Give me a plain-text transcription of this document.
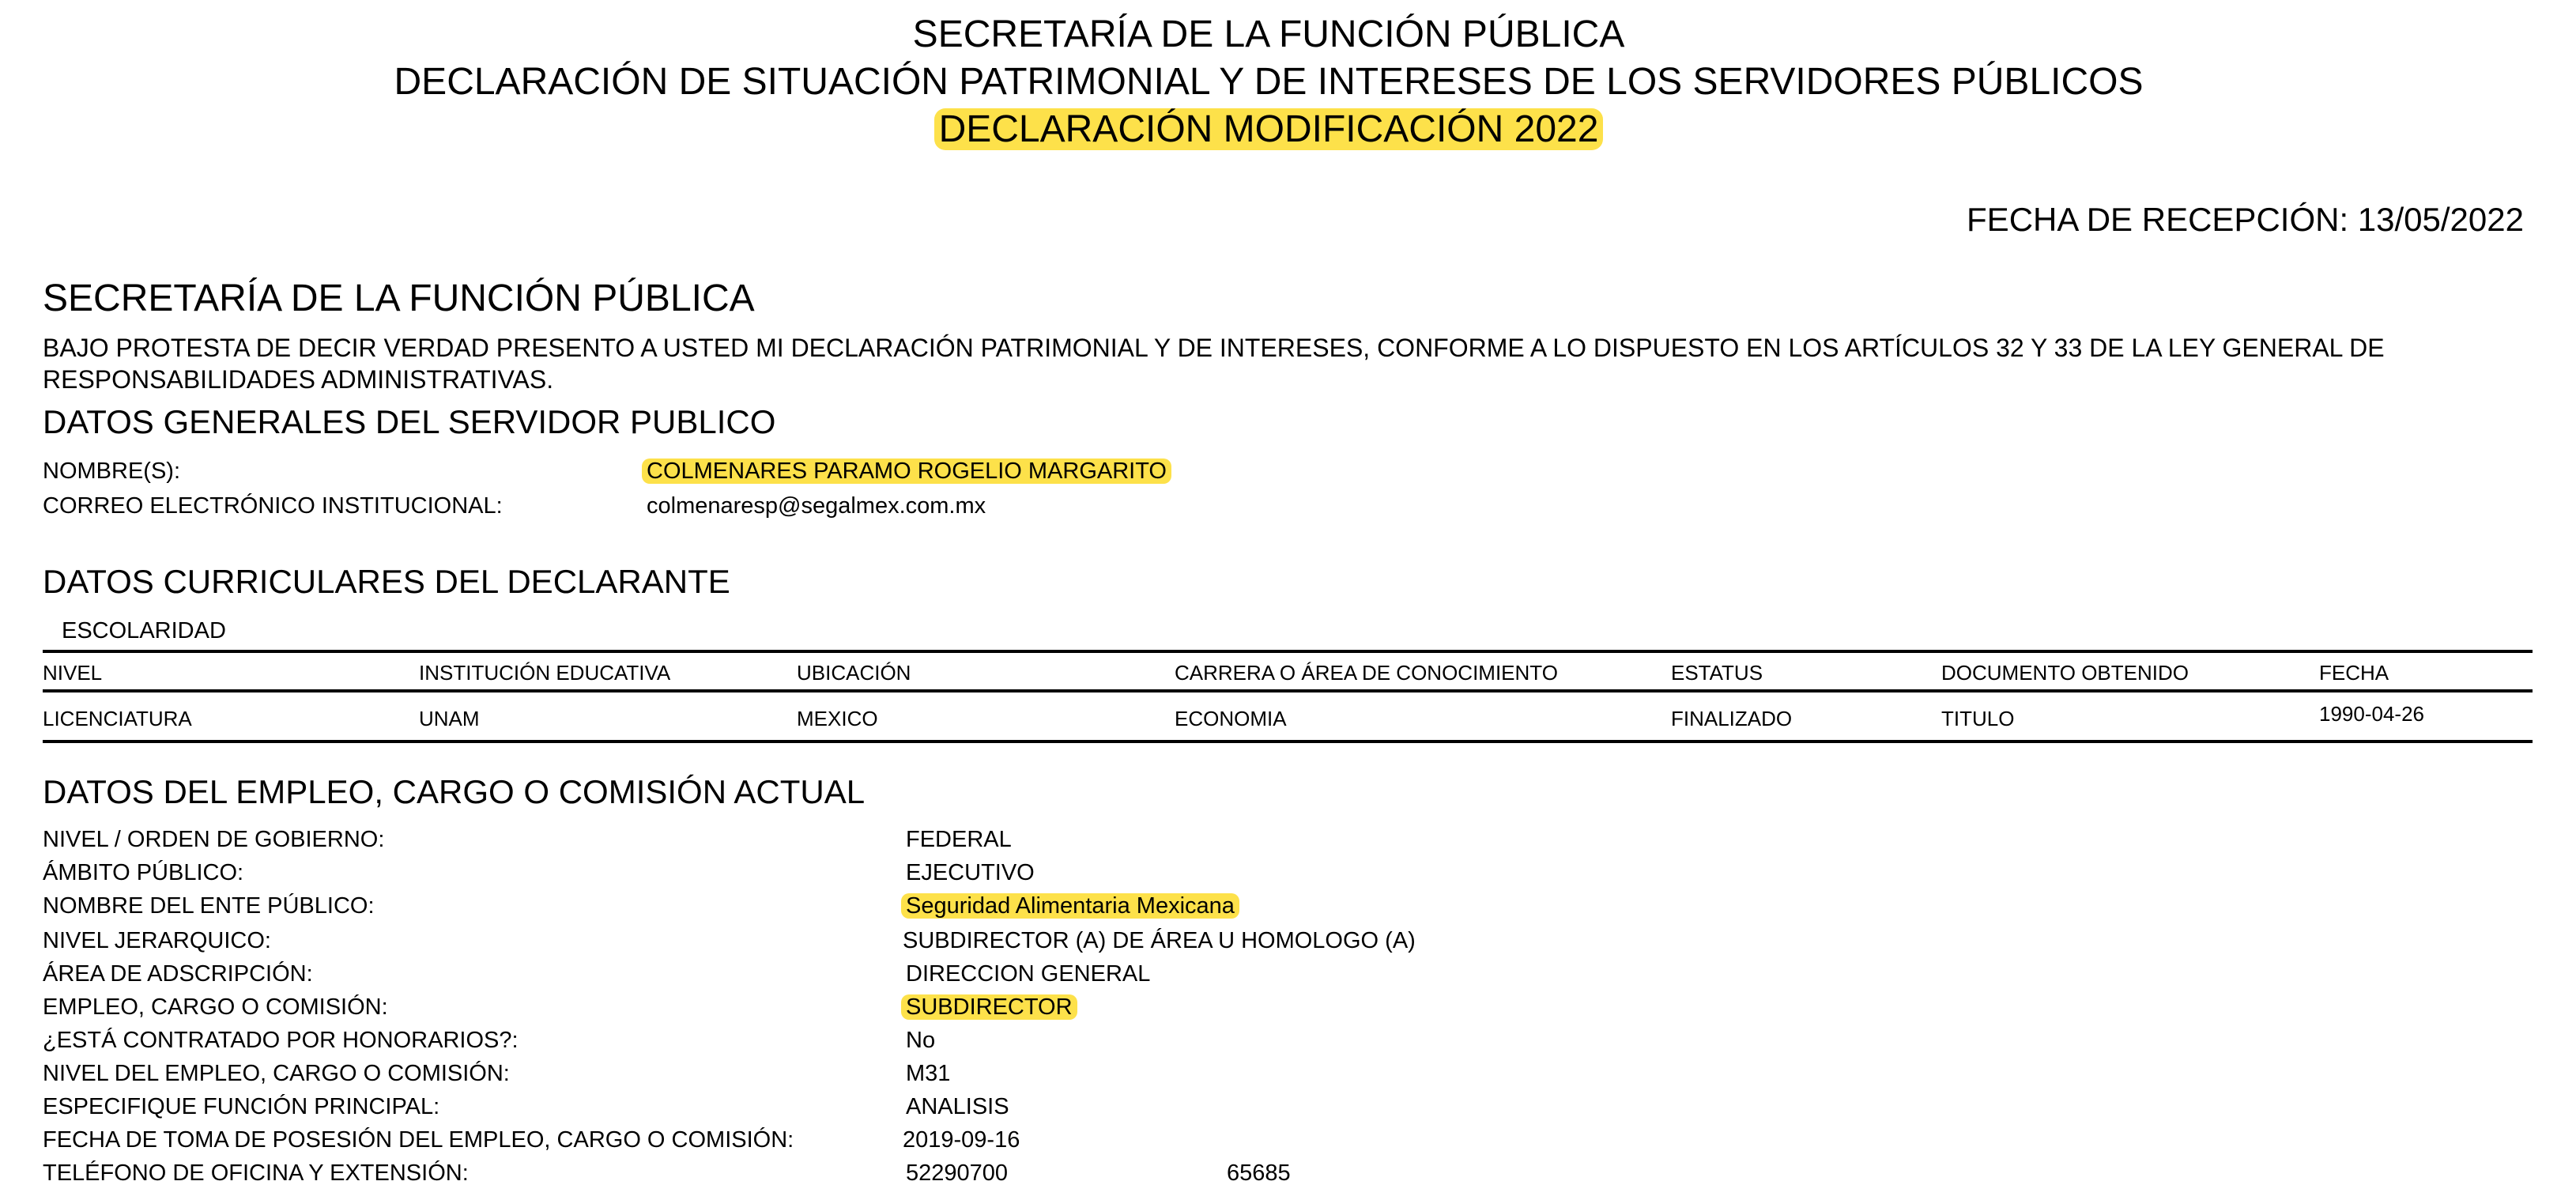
SECRETARÍA DE LA FUNCIÓN PÚBLICA
DECLARACIÓN DE SITUACIÓN PATRIMONIAL Y DE INTERESES DE LOS SERVIDORES PÚBLICOS
DECLARACIÓN MODIFICACIÓN 2022
FECHA DE RECEPCIÓN: 13/05/2022
SECRETARÍA DE LA FUNCIÓN PÚBLICA
BAJO PROTESTA DE DECIR VERDAD PRESENTO A USTED MI DECLARACIÓN PATRIMONIAL Y DE INTERESES, CONFORME A LO DISPUESTO EN LOS ARTÍCULOS 32 Y 33 DE LA LEY GENERAL DE RESPONSABILIDADES ADMINISTRATIVAS.
DATOS GENERALES DEL SERVIDOR PUBLICO
NOMBRE(S):	COLMENARES PARAMO ROGELIO MARGARITO
CORREO ELECTRÓNICO INSTITUCIONAL:	colmenaresp@segalmex.com.mx
DATOS CURRICULARES DEL DECLARANTE
ESCOLARIDAD
NIVEL	INSTITUCIÓN EDUCATIVA	UBICACIÓN	CARRERA O ÁREA DE CONOCIMIENTO	ESTATUS	DOCUMENTO OBTENIDO	FECHA
LICENCIATURA	UNAM	MEXICO	ECONOMIA	FINALIZADO	TITULO	1990-04-26
DATOS DEL EMPLEO, CARGO O COMISIÓN ACTUAL
NIVEL / ORDEN DE GOBIERNO:	FEDERAL
ÁMBITO PÚBLICO:	EJECUTIVO
NOMBRE DEL ENTE PÚBLICO:	Seguridad Alimentaria Mexicana
NIVEL JERARQUICO:	SUBDIRECTOR (A) DE ÁREA U HOMOLOGO (A)
ÁREA DE ADSCRIPCIÓN:	DIRECCION GENERAL
EMPLEO, CARGO O COMISIÓN:	SUBDIRECTOR
¿ESTÁ CONTRATADO POR HONORARIOS?:	No
NIVEL DEL EMPLEO, CARGO O COMISIÓN:	M31
ESPECIFIQUE FUNCIÓN PRINCIPAL:	ANALISIS
FECHA DE TOMA DE POSESIÓN DEL EMPLEO, CARGO O COMISIÓN:	2019-09-16
TELÉFONO DE OFICINA Y EXTENSIÓN:	52290700	65685
